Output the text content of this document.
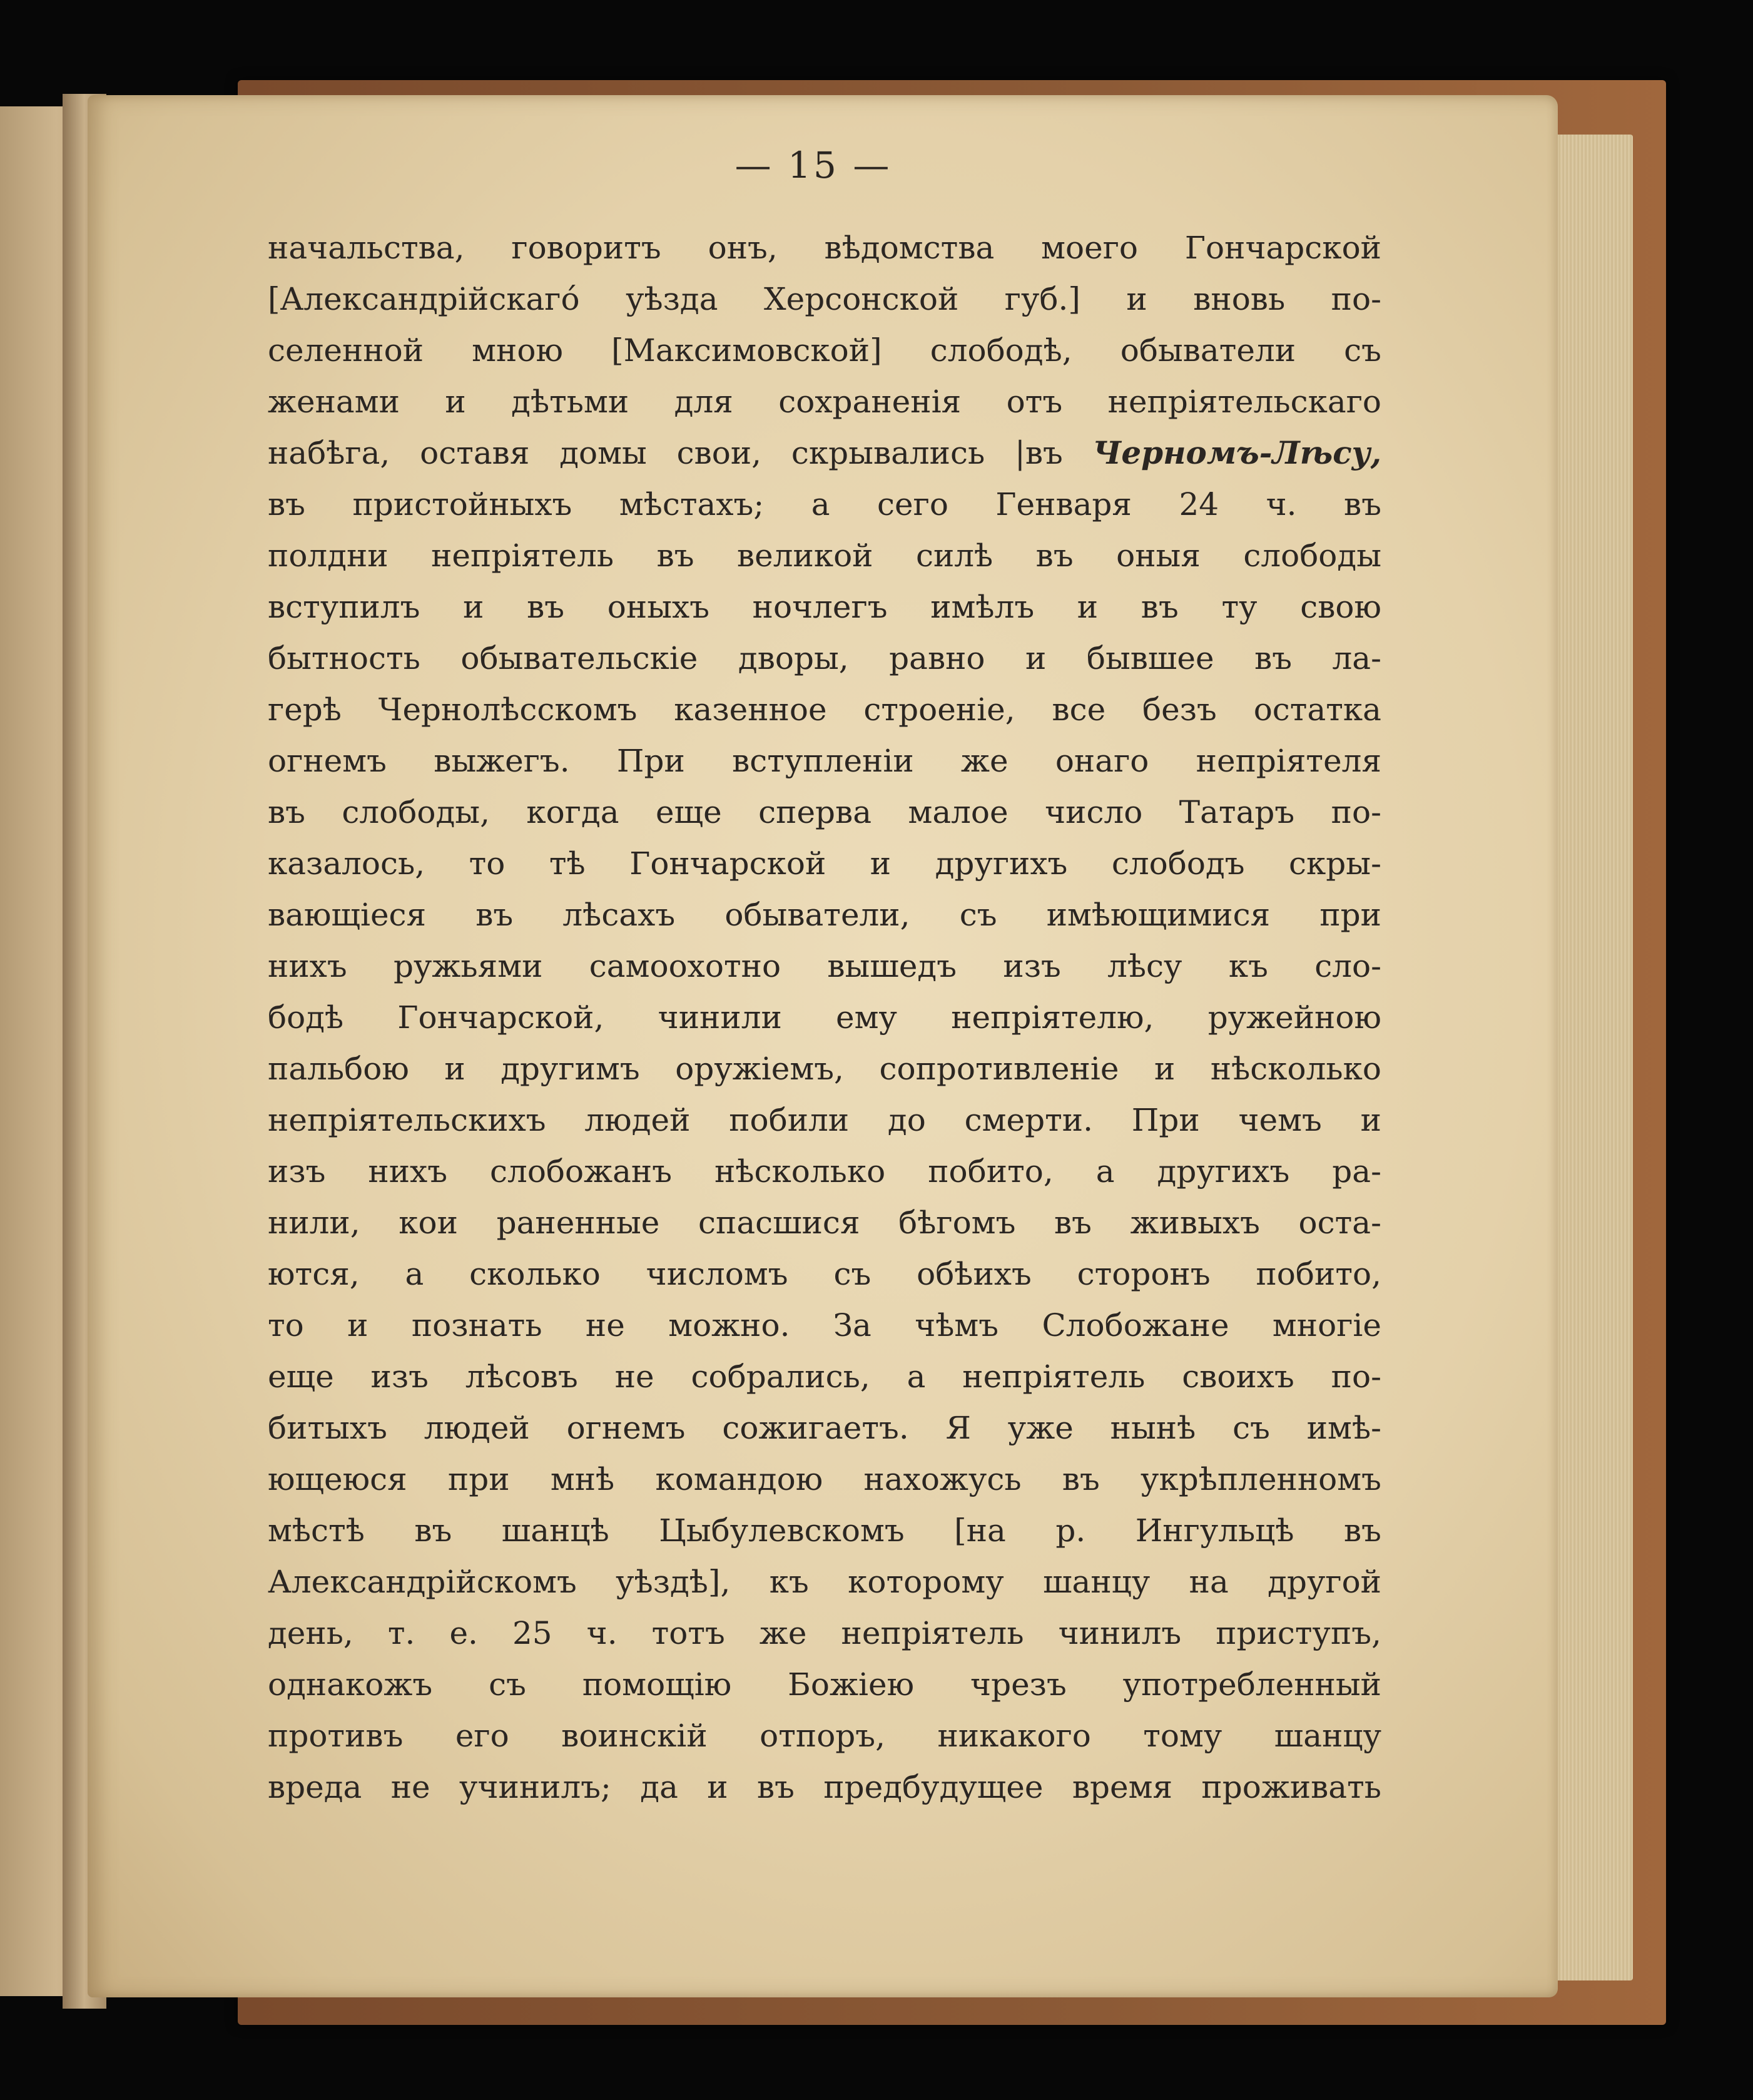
— 15 —
начальства, говоритъ онъ, вѣдомства моего Гончарской
[Александрійскагó уѣзда Херсонской губ.] и вновь по-
селенной мною [Максимовской] слободѣ, обыватели съ
женами и дѣтьми для сохраненія отъ непріятельскаго
набѣга, оставя домы свои, скрывались |въ Черномъ-Лѣсу,
въ пристойныхъ мѣстахъ; а сего Генваря 24 ч. въ
полдни непріятель въ великой силѣ въ оныя слободы
вступилъ и въ оныхъ ночлегъ имѣлъ и въ ту свою
бытность обывательскіе дворы, равно и бывшее въ ла-
герѣ Чернолѣсскомъ казенное строеніе, все безъ остатка
огнемъ выжегъ. При вступленіи же онаго непріятеля
въ слободы, когда еще сперва малое число Татаръ по-
казалось, то тѣ Гончарской и другихъ слободъ скры-
вающіеся въ лѣсахъ обыватели, съ имѣющимися при
нихъ ружьями самоохотно вышедъ изъ лѣсу къ сло-
бодѣ Гончарской, чинили ему непріятелю, ружейною
пальбою и другимъ оружіемъ, сопротивленіе и нѣсколько
непріятельскихъ людей побили до смерти. При чемъ и
изъ нихъ слобожанъ нѣсколько побито, а другихъ ра-
нили, кои раненные спасшися бѣгомъ въ живыхъ оста-
ются, а сколько числомъ съ обѣихъ сторонъ побито,
то и познать не можно. За чѣмъ Слобожане многіе
еще изъ лѣсовъ не собрались, а непріятель своихъ по-
битыхъ людей огнемъ сожигаетъ. Я уже нынѣ съ имѣ-
ющеюся при мнѣ командою нахожусь въ укрѣпленномъ
мѣстѣ въ шанцѣ Цыбулевскомъ [на р. Ингульцѣ въ
Александрійскомъ уѣздѣ], къ которому шанцу на другой
день, т. е. 25 ч. тотъ же непріятель чинилъ приступъ,
однакожъ съ помощію Божіею чрезъ употребленный
противъ его воинскій отпоръ, никакого тому шанцу
вреда не учинилъ; да и въ предбудущее время проживать
